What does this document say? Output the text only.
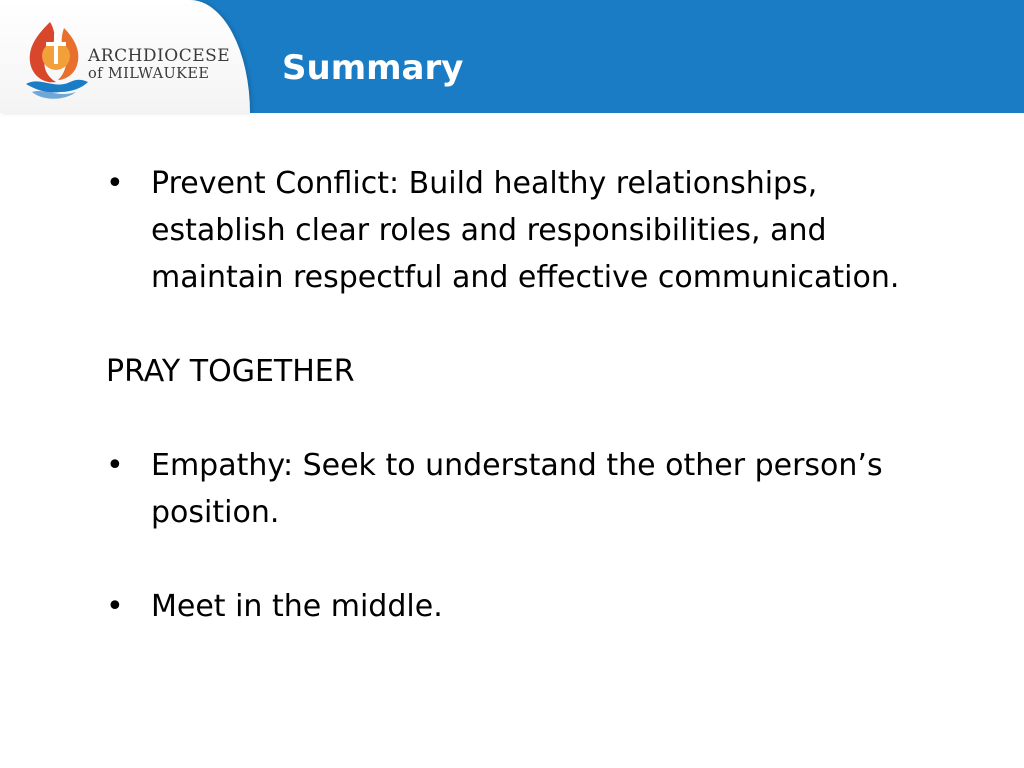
ARCHDIOCESE
of MILWAUKEE Summary
• Prevent Conflict: Build healthy relationships,
establish clear roles and responsibilities, and
maintain respectful and effective communication.
PRAY TOGETHER
• Empathy: Seek to understand the other person’s
position.
• Meet in the middle.
